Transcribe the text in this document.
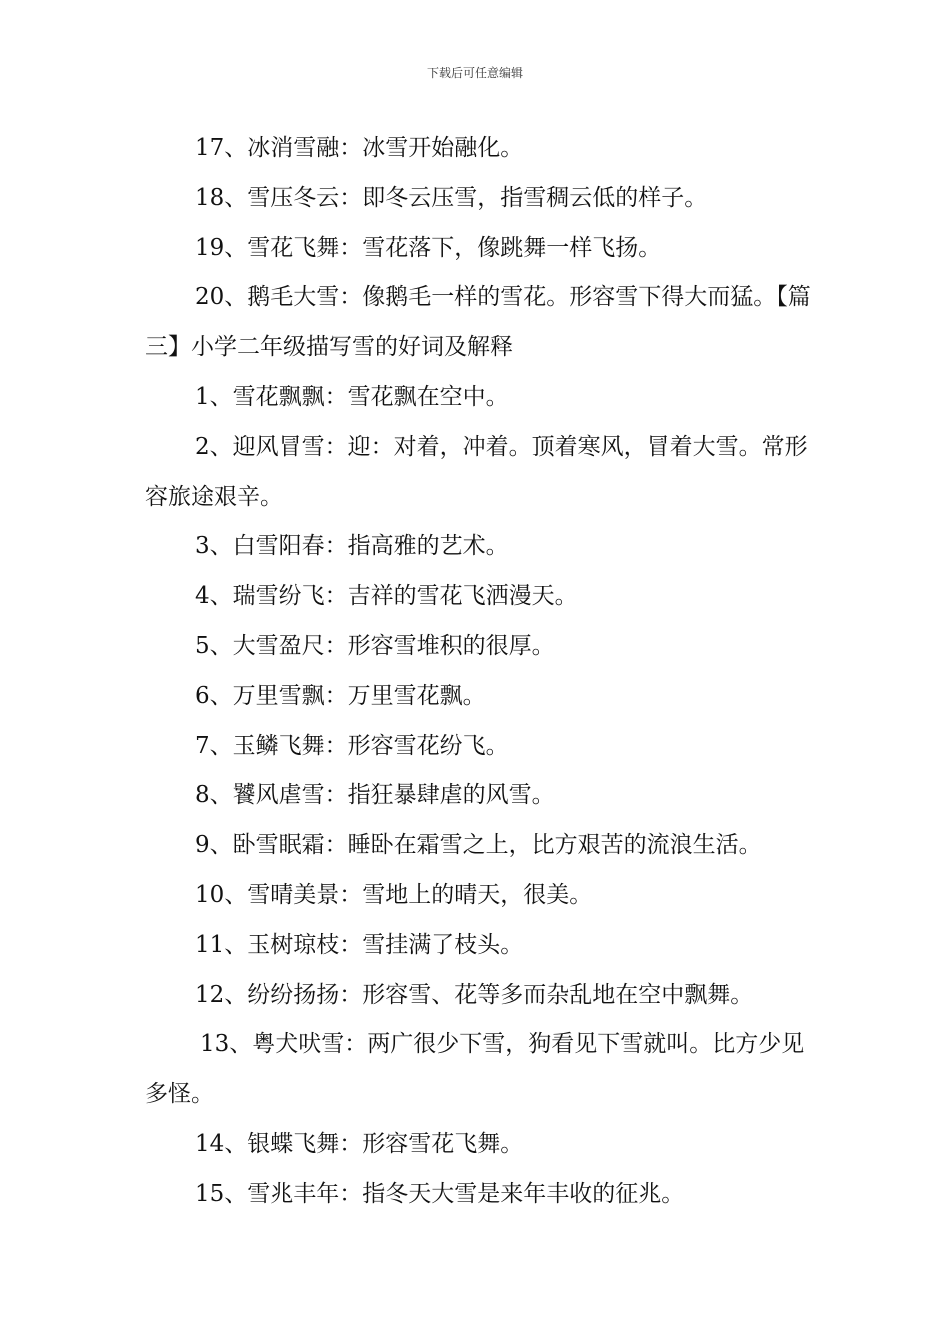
下载后可任意编辑

17、冰消雪融：冰雪开始融化。

18、雪压冬云：即冬云压雪，指雪稠云低的样子。

19、雪花飞舞：雪花落下，像跳舞一样飞扬。

20、鹅毛大雪：像鹅毛一样的雪花。形容雪下得大而猛。【篇三】小学二年级描写雪的好词及解释

1、雪花飘飘：雪花飘在空中。

2、迎风冒雪：迎：对着，冲着。顶着寒风，冒着大雪。常形容旅途艰辛。

3、白雪阳春：指高雅的艺术。

4、瑞雪纷飞：吉祥的雪花飞洒漫天。

5、大雪盈尺：形容雪堆积的很厚。

6、万里雪飘：万里雪花飘。

7、玉鳞飞舞：形容雪花纷飞。

8、饕风虐雪：指狂暴肆虐的风雪。

9、卧雪眠霜：睡卧在霜雪之上，比方艰苦的流浪生活。

10、雪晴美景：雪地上的晴天，很美。

11、玉树琼枝：雪挂满了枝头。

12、纷纷扬扬：形容雪、花等多而杂乱地在空中飘舞。

13、粤犬吠雪：两广很少下雪，狗看见下雪就叫。比方少见多怪。

14、银蝶飞舞：形容雪花飞舞。

15、雪兆丰年：指冬天大雪是来年丰收的征兆。
